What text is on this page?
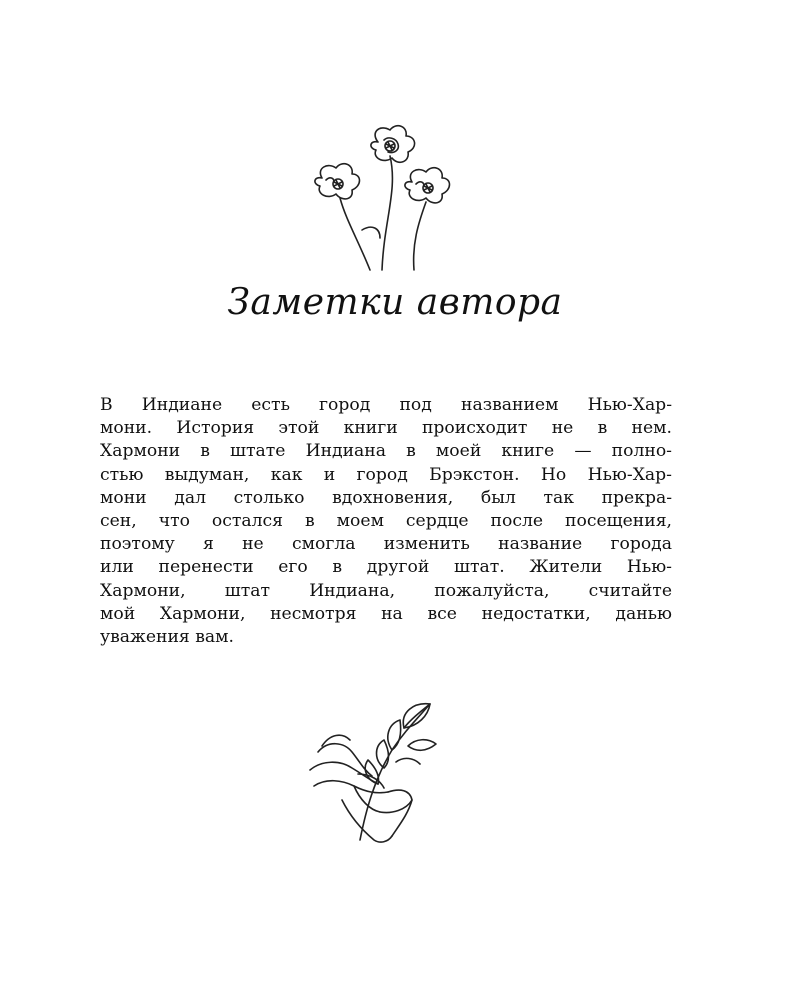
Заметки автора

В Индиане есть город под названием Нью-Хар-
мони. История этой книги происходит не в нем.
Хармони в штате Индиана в моей книге — полно-
стью выдуман, как и город Брэкстон. Но Нью-Хар-
мони дал столько вдохновения, был так прекра-
сен, что остался в моем сердце после посещения,
поэтому я не смогла изменить название города
или перенести его в другой штат. Жители Нью-
Хармони, штат Индиана, пожалуйста, считайте
мой Хармони, несмотря на все недостатки, данью
уважения вам.
